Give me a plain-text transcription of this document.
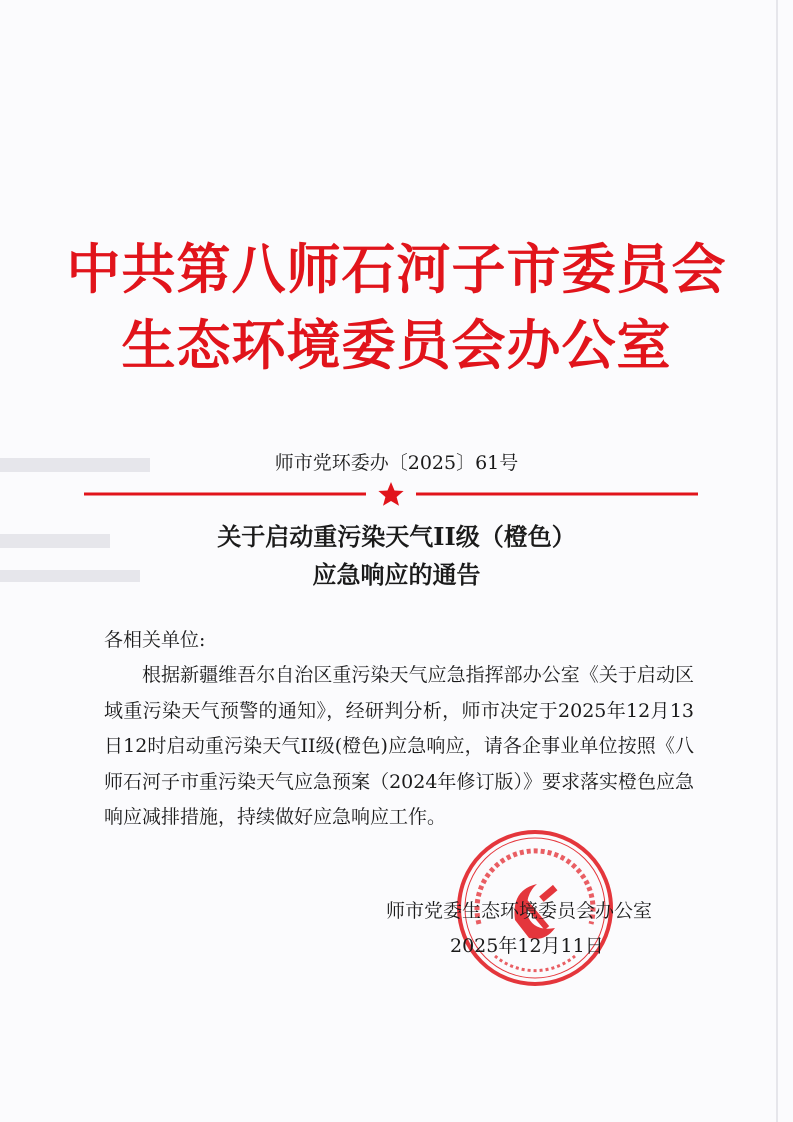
中共第八师石河子市委员会
生态环境委员会办公室
师市党环委办〔2025〕61号
关于启动重污染天气II级（橙色）
应急响应的通告
各相关单位:

根据新疆维吾尔自治区重污染天气应急指挥部办公室《关于启动区域重污染天气预警的通知》，经研判分析，师市决定于2025年12月13日12时启动重污染天气II级(橙色)应急响应，请各企事业单位按照《八师石河子市重污染天气应急预案（2024年修订版）》要求落实橙色应急响应减排措施，持续做好应急响应工作。

师市党委生态环境委员会办公室
2025年12月11日
